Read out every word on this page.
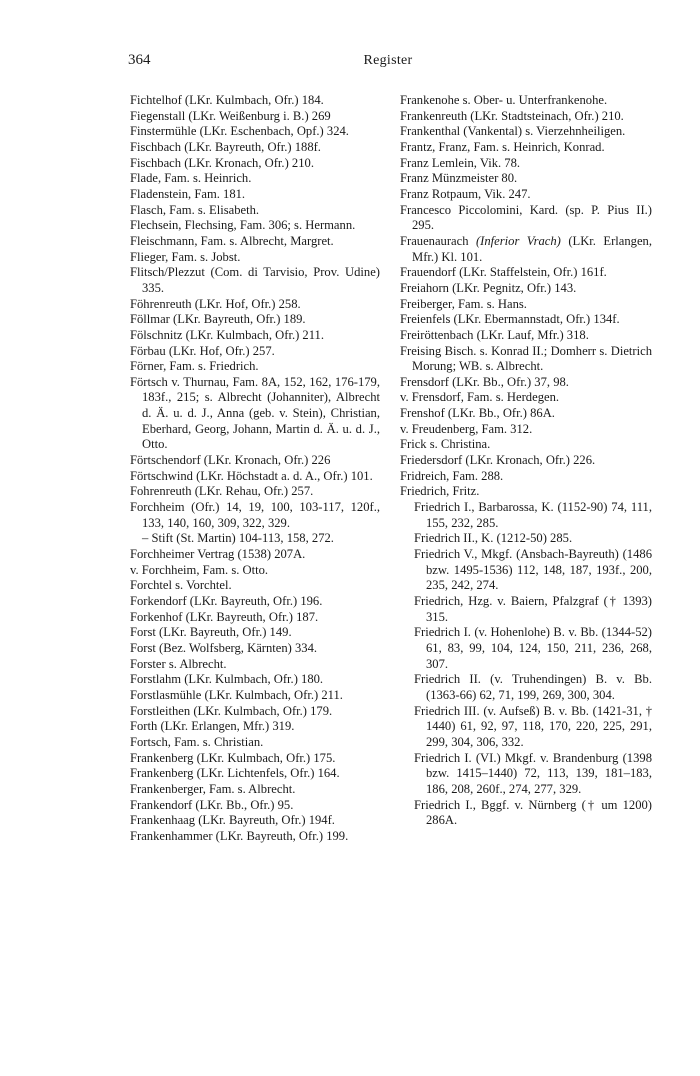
364	Register

Fichtelhof (LKr. Kulmbach, Ofr.) 184.

Fiegenstall (LKr. Weißenburg i. B.) 269

Finstermühle (LKr. Eschenbach, Opf.) 324.

Fischbach (LKr. Bayreuth, Ofr.) 188f.

Fischbach (LKr. Kronach, Ofr.) 210.

Flade, Fam. s. Heinrich.

Fladenstein, Fam. 181.

Flasch, Fam. s. Elisabeth.

Flechsein, Flechsing, Fam. 306; s. Hermann.

Fleischmann, Fam. s. Albrecht, Margret.

Flieger, Fam. s. Jobst.

Flitsch/Plezzut (Com. di Tarvisio, Prov. Udine) 335.

Föhrenreuth (LKr. Hof, Ofr.) 258.

Föllmar (LKr. Bayreuth, Ofr.) 189.

Fölschnitz (LKr. Kulmbach, Ofr.) 211.

Förbau (LKr. Hof, Ofr.) 257.

Förner, Fam. s. Friedrich.

Förtsch v. Thurnau, Fam. 8A, 152, 162, 176-179, 183f., 215; s. Albrecht (Johanniter), Albrecht d. Ä. u. d. J., Anna (geb. v. Stein), Christian, Eberhard, Georg, Johann, Martin d. Ä. u. d. J., Otto.

Förtschendorf (LKr. Kronach, Ofr.) 226

Förtschwind (LKr. Höchstadt a. d. A., Ofr.) 101.

Fohrenreuth (LKr. Rehau, Ofr.) 257.

Forchheim (Ofr.) 14, 19, 100, 103-117, 120f., 133, 140, 160, 309, 322, 329.

– Stift (St. Martin) 104-113, 158, 272.

Forchheimer Vertrag (1538) 207A.

v. Forchheim, Fam. s. Otto.

Forchtel s. Vorchtel.

Forkendorf (LKr. Bayreuth, Ofr.) 196.

Forkenhof (LKr. Bayreuth, Ofr.) 187.

Forst (LKr. Bayreuth, Ofr.) 149.

Forst (Bez. Wolfsberg, Kärnten) 334.

Forster s. Albrecht.

Forstlahm (LKr. Kulmbach, Ofr.) 180.

Forstlasmühle (LKr. Kulmbach, Ofr.) 211.

Forstleithen (LKr. Kulmbach, Ofr.) 179.

Forth (LKr. Erlangen, Mfr.) 319.

Fortsch, Fam. s. Christian.

Frankenberg (LKr. Kulmbach, Ofr.) 175.

Frankenberg (LKr. Lichtenfels, Ofr.) 164.

Frankenberger, Fam. s. Albrecht.

Frankendorf (LKr. Bb., Ofr.) 95.

Frankenhaag (LKr. Bayreuth, Ofr.) 194f.

Frankenhammer (LKr. Bayreuth, Ofr.) 199.

Frankenohe s. Ober- u. Unterfrankenohe.

Frankenreuth (LKr. Stadtsteinach, Ofr.) 210.

Frankenthal (Vankental) s. Vierzehnheiligen.

Frantz, Franz, Fam. s. Heinrich, Konrad.

Franz Lemlein, Vik. 78.

Franz Münzmeister 80.

Franz Rotpaum, Vik. 247.

Francesco Piccolomini, Kard. (sp. P. Pius II.) 295.

Frauenaurach (Inferior Vrach) (LKr. Erlangen, Mfr.) Kl. 101.

Frauendorf (LKr. Staffelstein, Ofr.) 161f.

Freiahorn (LKr. Pegnitz, Ofr.) 143.

Freiberger, Fam. s. Hans.

Freienfels (LKr. Ebermannstadt, Ofr.) 134f.

Freiröttenbach (LKr. Lauf, Mfr.) 318.

Freising Bisch. s. Konrad II.; Domherr s. Dietrich Morung; WB. s. Albrecht.

Frensdorf (LKr. Bb., Ofr.) 37, 98.

v. Frensdorf, Fam. s. Herdegen.

Frenshof (LKr. Bb., Ofr.) 86A.

v. Freudenberg, Fam. 312.

Frick s. Christina.

Friedersdorf (LKr. Kronach, Ofr.) 226.

Fridreich, Fam. 288.

Friedrich, Fritz.

Friedrich I., Barbarossa, K. (1152-90) 74, 111, 155, 232, 285.

Friedrich II., K. (1212-50) 285.

Friedrich V., Mkgf. (Ansbach-Bayreuth) (1486 bzw. 1495-1536) 112, 148, 187, 193f., 200, 235, 242, 274.

Friedrich, Hzg. v. Baiern, Pfalzgraf († 1393) 315.

Friedrich I. (v. Hohenlohe) B. v. Bb. (1344-52) 61, 83, 99, 104, 124, 150, 211, 236, 268, 307.

Friedrich II. (v. Truhendingen) B. v. Bb. (1363-66) 62, 71, 199, 269, 300, 304.

Friedrich III. (v. Aufseß) B. v. Bb. (1421-31, † 1440) 61, 92, 97, 118, 170, 220, 225, 291, 299, 304, 306, 332.

Friedrich I. (VI.) Mkgf. v. Brandenburg (1398 bzw. 1415–1440) 72, 113, 139, 181–183, 186, 208, 260f., 274, 277, 329.

Friedrich I., Bggf. v. Nürnberg († um 1200) 286A.
